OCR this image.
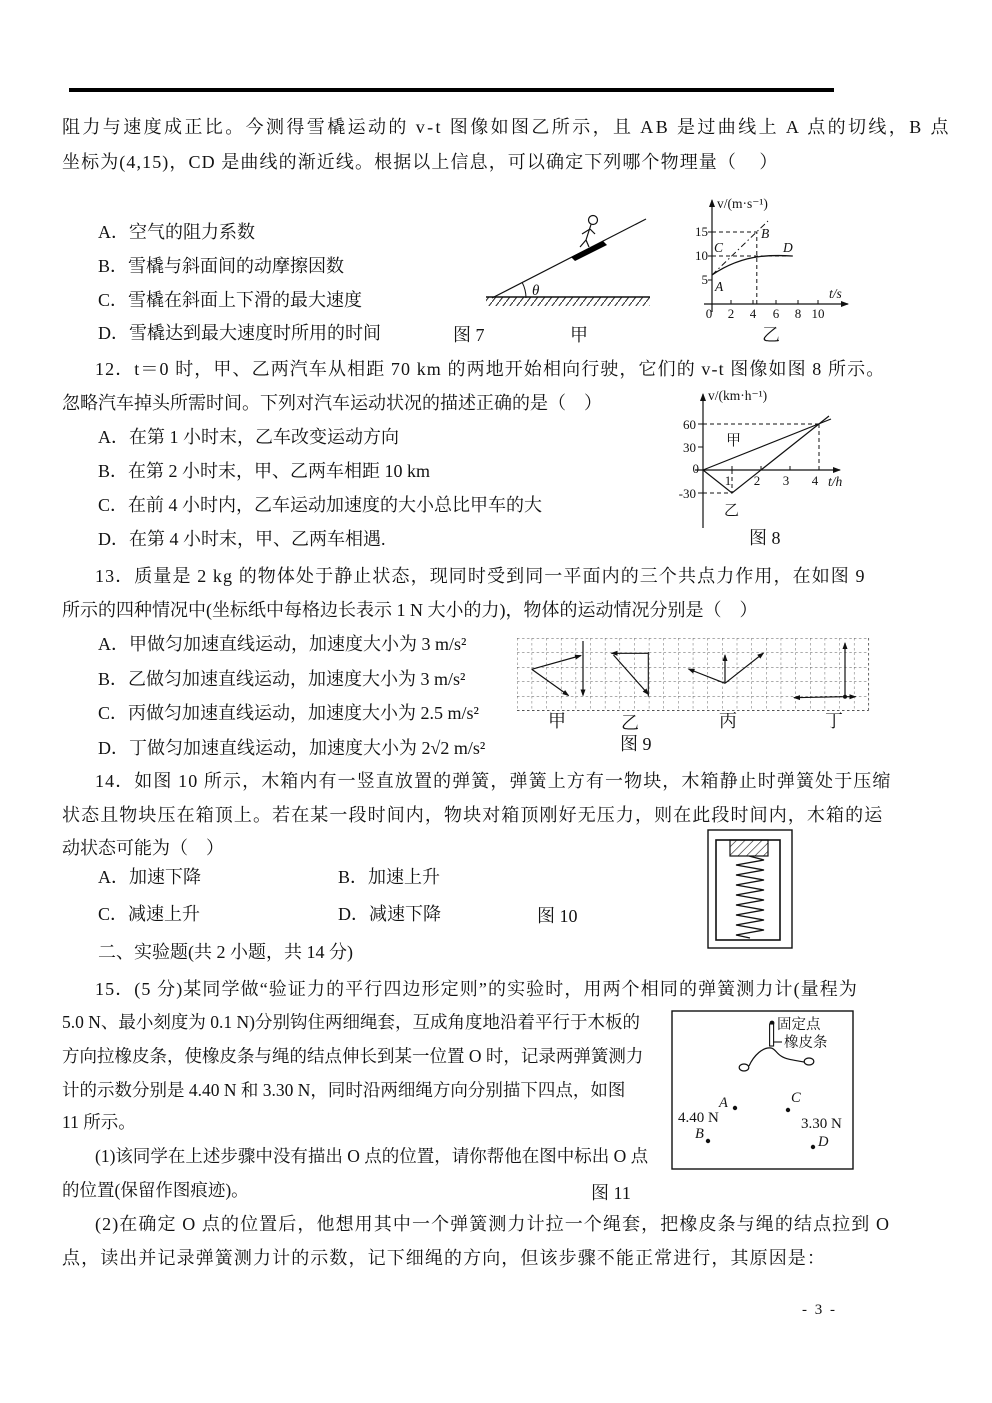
阻力与速度成正比。今测得雪橇运动的 v-t 图像如图乙所示，且 AB 是过曲线上 A 点的切线，B 点
坐标为(4,15)，CD 是曲线的渐近线。根据以上信息，可以确定下列哪个物理量（    ）
A．空气的阻力系数
B．雪橇与斜面间的动摩擦因数
C．雪橇在斜面上下滑的最大速度
D．雪橇达到最大速度时所用的时间
θ
图 7	甲
v/(m·s⁻¹)
t/s
15
10
5
0 2 4 6 8 10
A
B
C	D
乙
12．t＝0 时，甲、乙两汽车从相距 70 km 的两地开始相向行驶，它们的 v-t 图像如图 8 所示。
忽略汽车掉头所需时间。下列对汽车运动状况的描述正确的是（    ）
A．在第 1 小时末，乙车改变运动方向
B．在第 2 小时末，甲、乙两车相距 10 km
C．在前 4 小时内，乙车运动加速度的大小总比甲车的大
D．在第 4 小时末，甲、乙两车相遇.
v/(km·h⁻¹)
t/h
60
30
0
-30
1 2 3 4
甲
乙
图 8
13．质量是 2 kg 的物体处于静止状态，现同时受到同一平面内的三个共点力作用，在如图 9
所示的四种情况中(坐标纸中每格边长表示 1 N 大小的力)，物体的运动情况分别是（    ）
A．甲做匀加速直线运动，加速度大小为 3 m/s²
B．乙做匀加速直线运动，加速度大小为 3 m/s²
C．丙做匀加速直线运动，加速度大小为 2.5 m/s²
D．丁做匀加速直线运动，加速度大小为 2√2 m/s²
甲	乙	丙	丁
图 9
14．如图 10 所示，木箱内有一竖直放置的弹簧，弹簧上方有一物块，木箱静止时弹簧处于压缩
状态且物块压在箱顶上。若在某一段时间内，物块对箱顶刚好无压力，则在此段时间内，木箱的运
动状态可能为（    ）
A．加速下降	B．加速上升
C．减速上升	D．减速下降	图 10
二、实验题(共 2 小题，共 14 分)
15．(5 分)某同学做“验证力的平行四边形定则”的实验时，用两个相同的弹簧测力计(量程为
5.0 N、最小刻度为 0.1 N)分别钩住两细绳套，互成角度地沿着平行于木板的
方向拉橡皮条，使橡皮条与绳的结点伸长到某一位置 O 时，记录两弹簧测力
计的示数分别是 4.40 N 和 3.30 N，同时沿两细绳方向分别描下四点，如图
11 所示。
(1)该同学在上述步骤中没有描出 O 点的位置，请你帮他在图中标出 O 点
的位置(保留作图痕迹)。	图 11
(2)在确定 O 点的位置后，他想用其中一个弹簧测力计拉一个绳套，把橡皮条与绳的结点拉到 O
点，读出并记录弹簧测力计的示数，记下细绳的方向，但该步骤不能正常进行，其原因是：
固定点
橡皮条
A	C
4.40 N	3.30 N
B	D
- 3 -
